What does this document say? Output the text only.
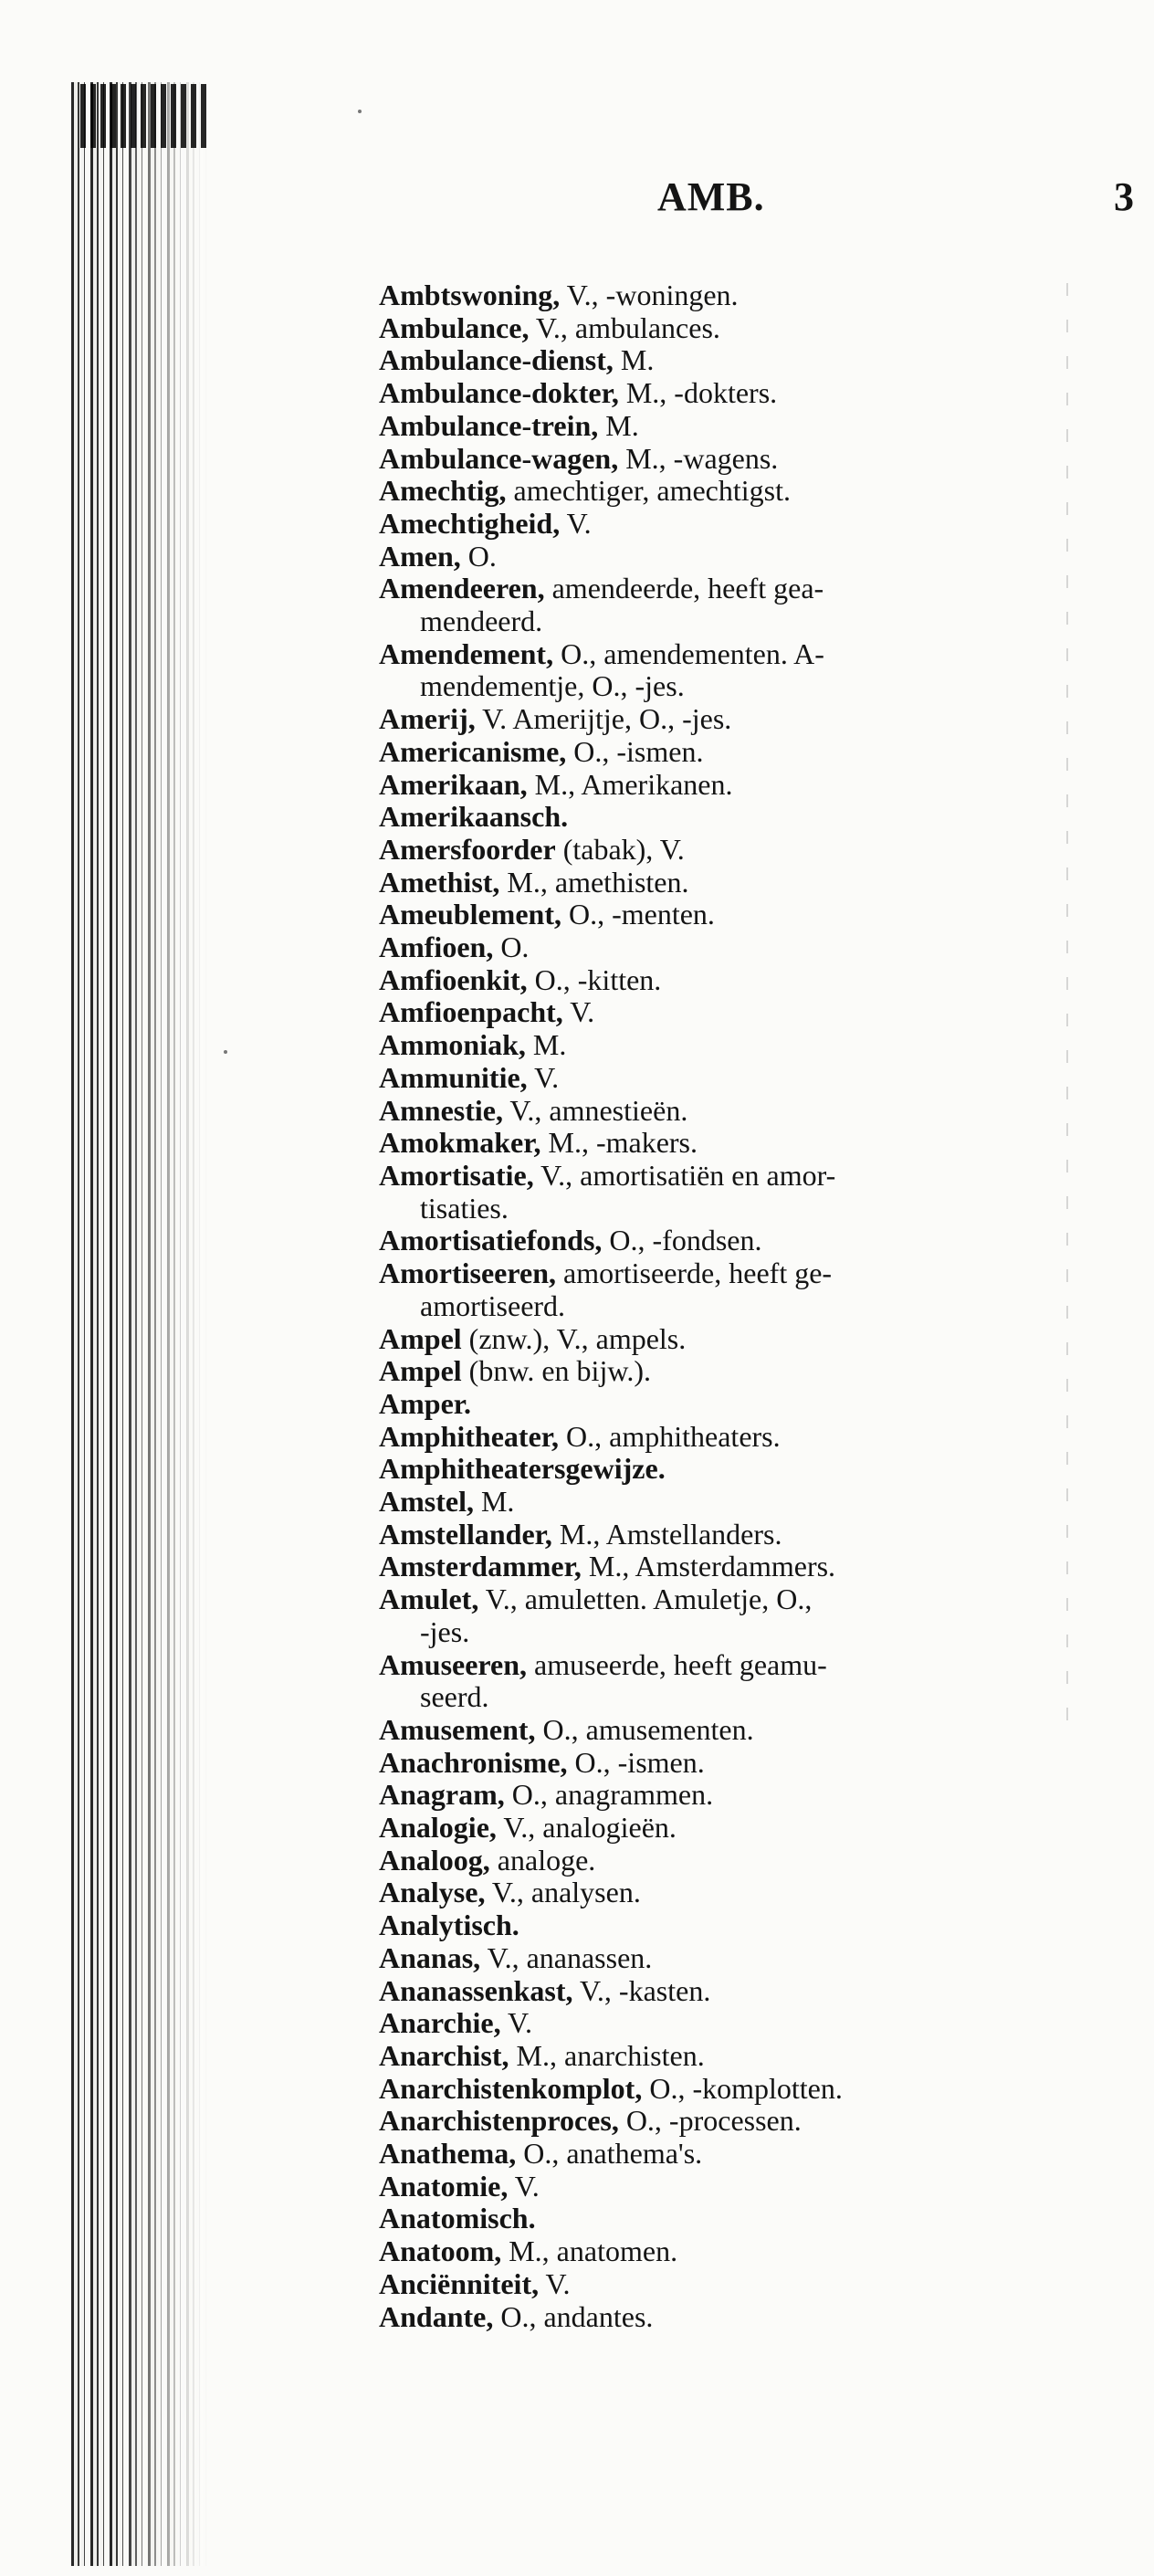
AMB.	3
Ambtswoning, V., -woningen.
Ambulance, V., ambulances.
Ambulance-dienst, M.
Ambulance-dokter, M., -dokters.
Ambulance-trein, M.
Ambulance-wagen, M., -wagens.
Amechtig, amechtiger, amechtigst.
Amechtigheid, V.
Amen, O.
Amendeeren, amendeerde, heeft gea-
mendeerd.
Amendement, O., amendementen. A-
mendementje, O., -jes.
Amerij, V. Amerijtje, O., -jes.
Americanisme, O., -ismen.
Amerikaan, M., Amerikanen.
Amerikaansch.
Amersfoorder (tabak), V.
Amethist, M., amethisten.
Ameublement, O., -menten.
Amfioen, O.
Amfioenkit, O., -kitten.
Amfioenpacht, V.
Ammoniak, M.
Ammunitie, V.
Amnestie, V., amnestieën.
Amokmaker, M., -makers.
Amortisatie, V., amortisatiën en amor-
tisaties.
Amortisatiefonds, O., -fondsen.
Amortiseeren, amortiseerde, heeft ge-
amortiseerd.
Ampel (znw.), V., ampels.
Ampel (bnw. en bijw.).
Amper.
Amphitheater, O., amphitheaters.
Amphitheatersgewijze.
Amstel, M.
Amstellander, M., Amstellanders.
Amsterdammer, M., Amsterdammers.
Amulet, V., amuletten. Amuletje, O.,
-jes.
Amuseeren, amuseerde, heeft geamu-
seerd.
Amusement, O., amusementen.
Anachronisme, O., -ismen.
Anagram, O., anagrammen.
Analogie, V., analogieën.
Analoog, analoge.
Analyse, V., analysen.
Analytisch.
Ananas, V., ananassen.
Ananassenkast, V., -kasten.
Anarchie, V.
Anarchist, M., anarchisten.
Anarchistenkomplot, O., -komplotten.
Anarchistenproces, O., -processen.
Anathema, O., anathema's.
Anatomie, V.
Anatomisch.
Anatoom, M., anatomen.
Anciënniteit, V.
Andante, O., andantes.
